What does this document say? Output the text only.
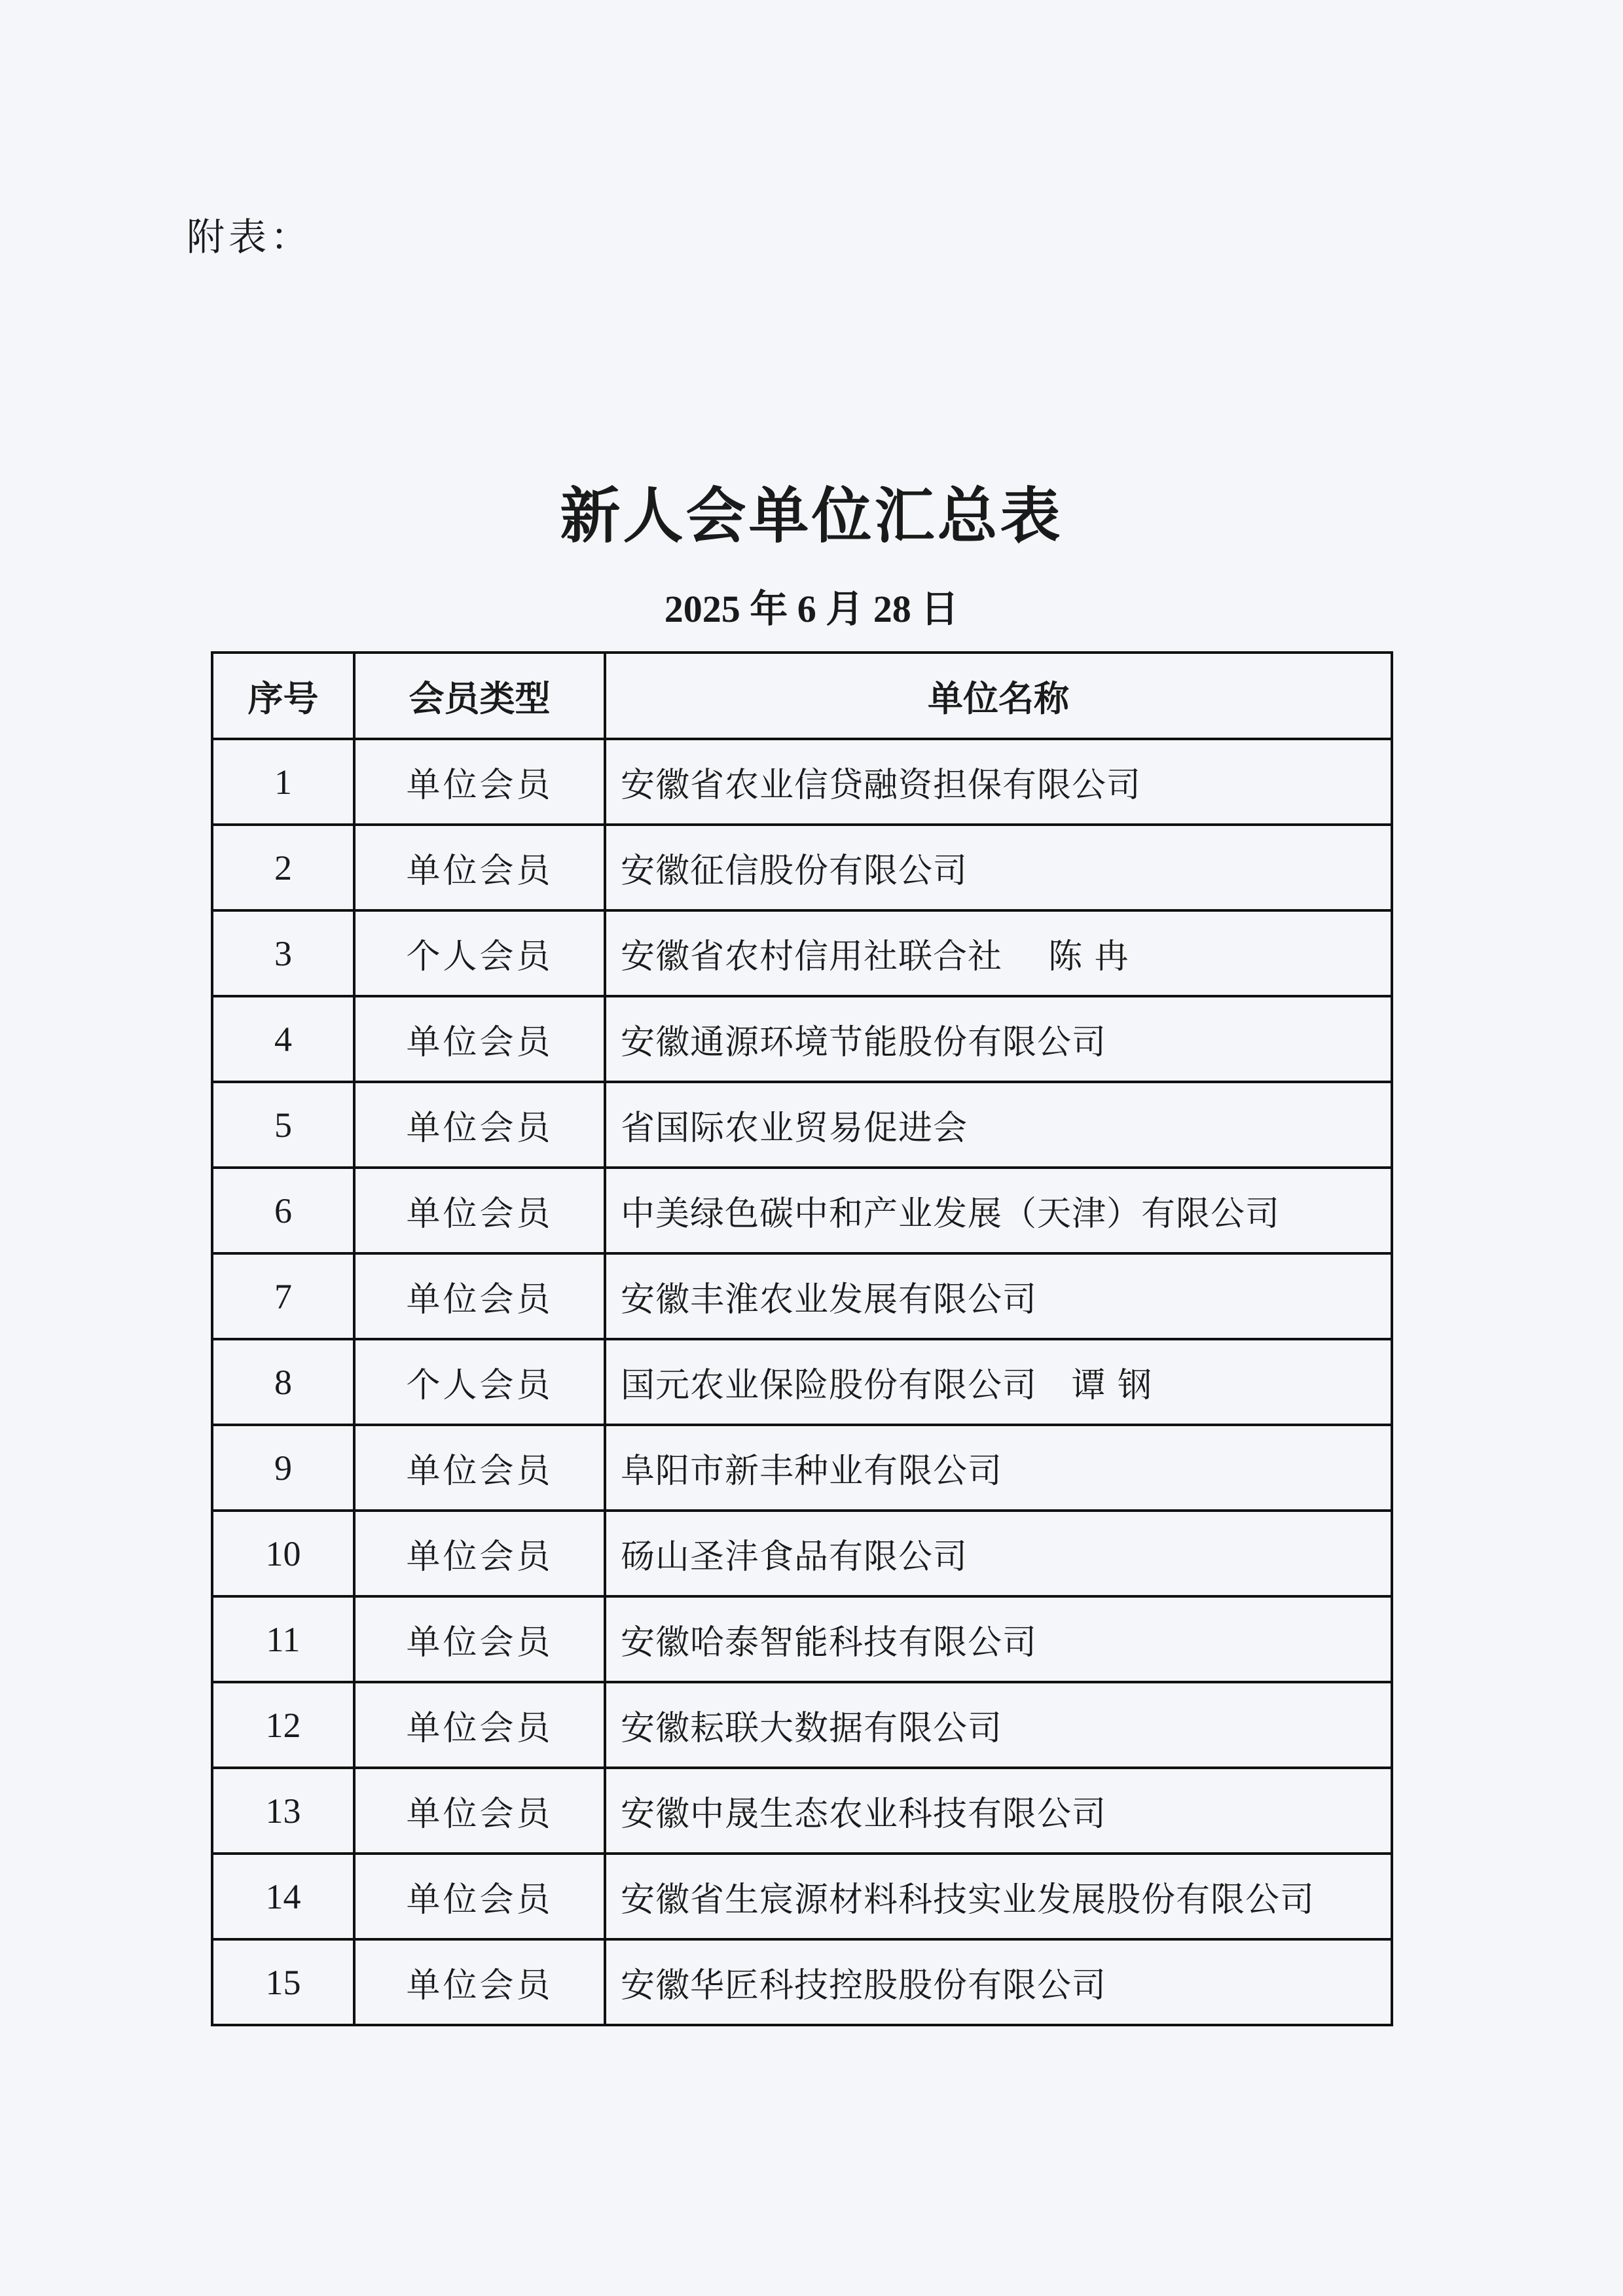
附表：
新人会单位汇总表
2025 年 6 月 28 日
序号	会员类型	单位名称
1	单位会员	安徽省农业信贷融资担保有限公司
2	单位会员	安徽征信股份有限公司
3	个人会员	安徽省农村信用社联合社    陈 冉
4	单位会员	安徽通源环境节能股份有限公司
5	单位会员	省国际农业贸易促进会
6	单位会员	中美绿色碳中和产业发展（天津）有限公司
7	单位会员	安徽丰淮农业发展有限公司
8	个人会员	国元农业保险股份有限公司   谭 钢
9	单位会员	阜阳市新丰种业有限公司
10	单位会员	砀山圣沣食品有限公司
11	单位会员	安徽哈泰智能科技有限公司
12	单位会员	安徽耘联大数据有限公司
13	单位会员	安徽中晟生态农业科技有限公司
14	单位会员	安徽省生宸源材料科技实业发展股份有限公司
15	单位会员	安徽华匠科技控股股份有限公司
